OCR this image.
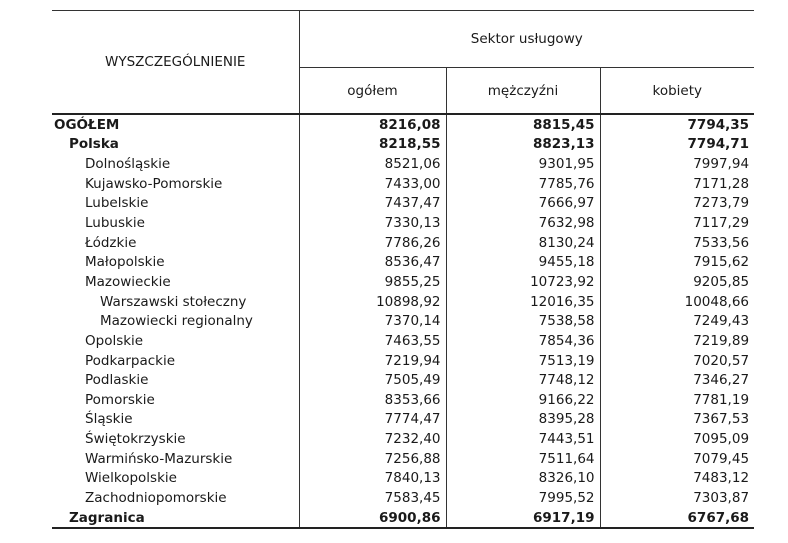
WYSZCZEGÓLNIENIE	Sektor usługowy		
	ogółem	mężczyźni	kobiety
OGÓŁEM	8216,08	8815,45	7794,35
Polska	8218,55	8823,13	7794,71
Dolnośląskie	8521,06	9301,95	7997,94
Kujawsko-Pomorskie	7433,00	7785,76	7171,28
Lubelskie	7437,47	7666,97	7273,79
Lubuskie	7330,13	7632,98	7117,29
Łódzkie	7786,26	8130,24	7533,56
Małopolskie	8536,47	9455,18	7915,62
Mazowieckie	9855,25	10723,92	9205,85
Warszawski stołeczny	10898,92	12016,35	10048,66
Mazowiecki regionalny	7370,14	7538,58	7249,43
Opolskie	7463,55	7854,36	7219,89
Podkarpackie	7219,94	7513,19	7020,57
Podlaskie	7505,49	7748,12	7346,27
Pomorskie	8353,66	9166,22	7781,19
Śląskie	7774,47	8395,28	7367,53
Świętokrzyskie	7232,40	7443,51	7095,09
Warmińsko-Mazurskie	7256,88	7511,64	7079,45
Wielkopolskie	7840,13	8326,10	7483,12
Zachodniopomorskie	7583,45	7995,52	7303,87
Zagranica	6900,86	6917,19	6767,68
